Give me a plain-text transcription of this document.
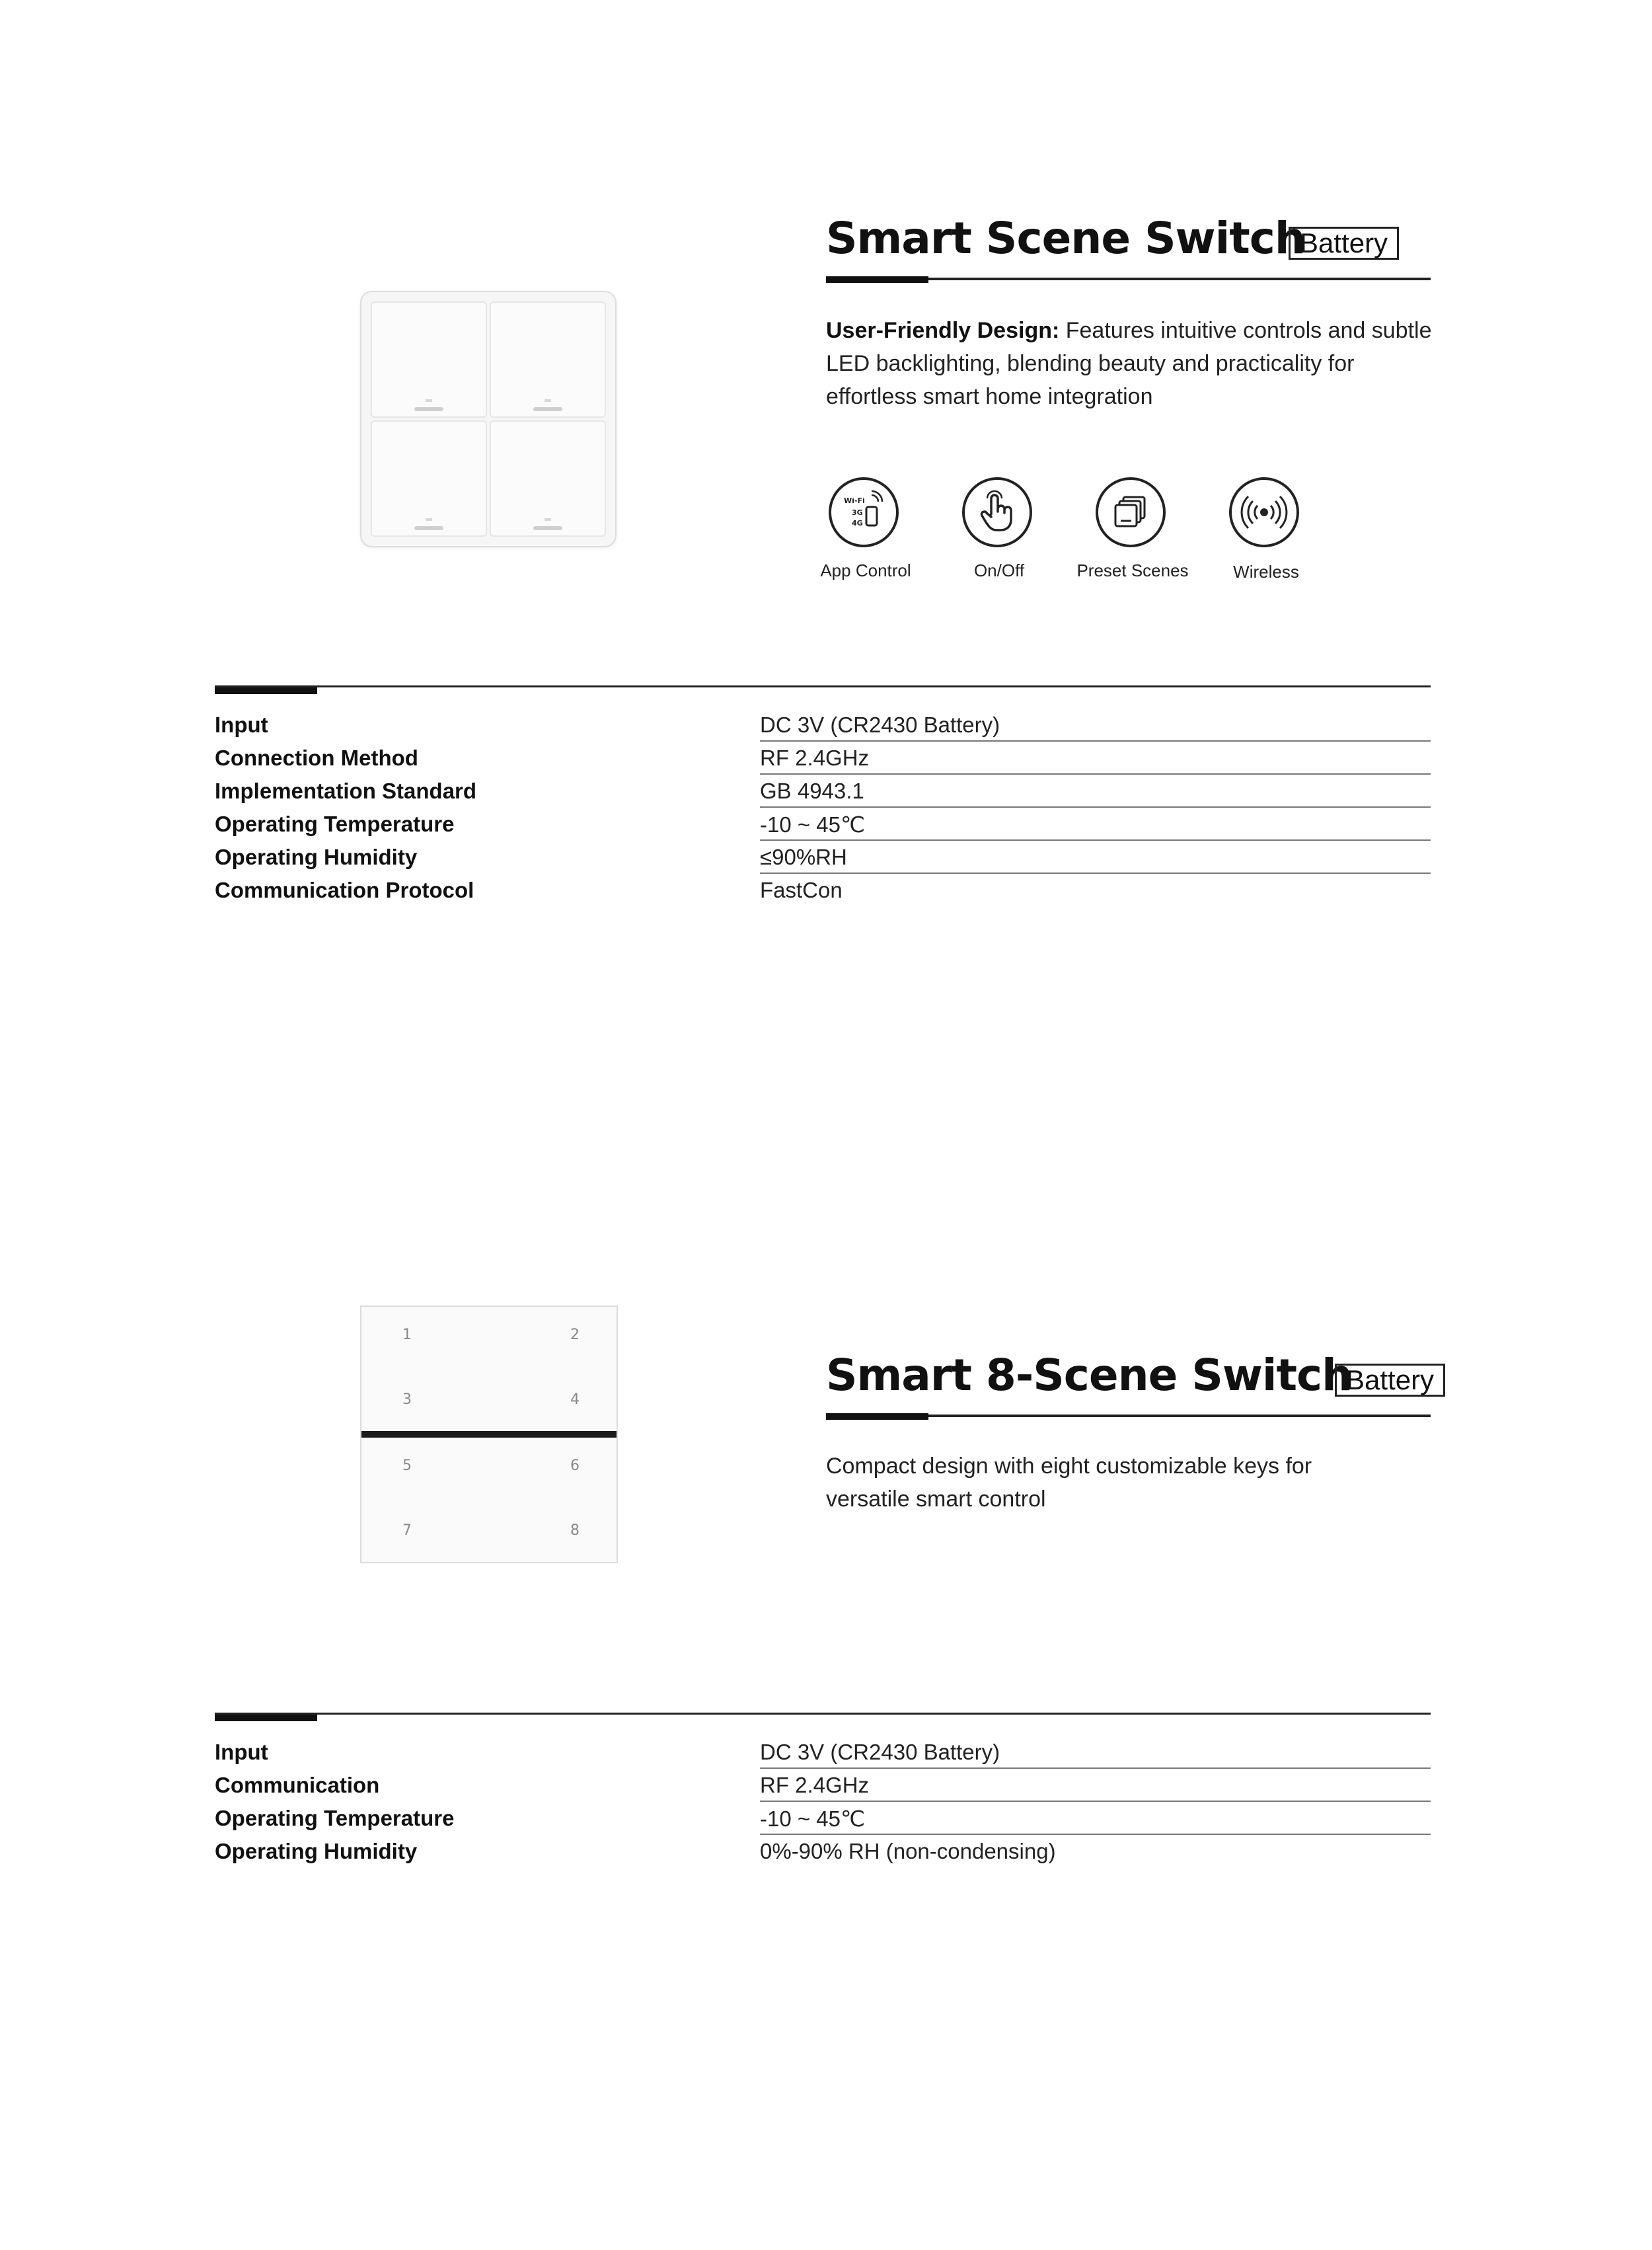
Smart Scene Switch
Battery
User-Friendly Design: Features intuitive controls and subtle LED backlighting, blending beauty and practicality for effortless smart home integration
Wi-Fi
3G
4G
App Control	On/Off	Preset Scenes	Wireless
Input	DC 3V (CR2430 Battery)
Connection Method	RF 2.4GHz
Implementation Standard	GB 4943.1
Operating Temperature	-10 ~ 45℃
Operating Humidity	≤90%RH
Communication Protocol	FastCon
1	2
3	4
5	6
7	8
Smart 8-Scene Switch
Battery
Compact design with eight customizable keys for versatile smart control
Input	DC 3V (CR2430 Battery)
Communication	RF 2.4GHz
Operating Temperature	-10 ~ 45℃
Operating Humidity	0%-90% RH (non-condensing)
